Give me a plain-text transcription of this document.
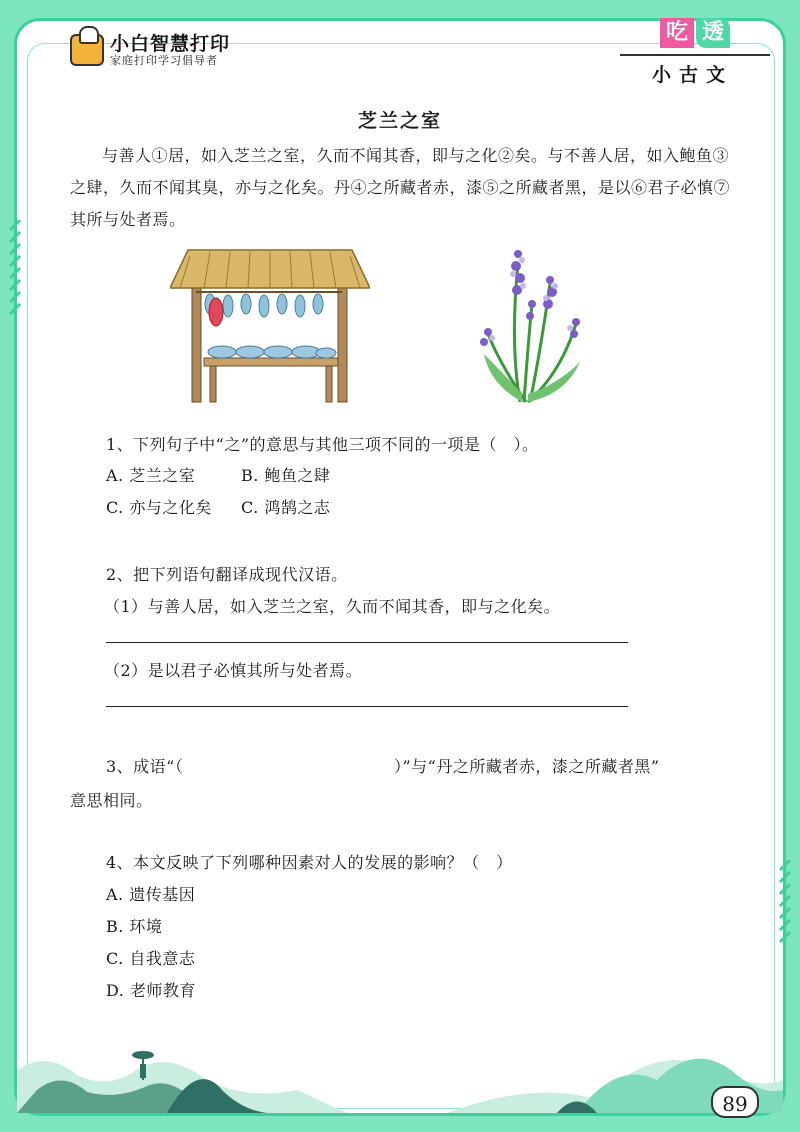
小白智慧打印
家庭打印学习倡导者
吃 透
小古文
芝兰之室
与善人①居，如入芝兰之室，久而不闻其香，即与之化②矣。与不善人居，如入鲍鱼③之肆，久而不闻其臭，亦与之化矣。丹④之所藏者赤，漆⑤之所藏者黑，是以⑥君子必慎⑦其所与处者焉。
1、下列句子中“之”的意思与其他三项不同的一项是（　）。
A. 芝兰之室	B. 鲍鱼之肆
C. 亦与之化矣 C. 鸿鹄之志
2、把下列语句翻译成现代汉语。
（1）与善人居，如入芝兰之室，久而不闻其香，即与之化矣。
（2）是以君子必慎其所与处者焉。
3、成语“（	）”与“丹之所藏者赤，漆之所藏者黑”
意思相同。
4、本文反映了下列哪种因素对人的发展的影响？（　）
A. 遗传基因
B. 环境
C. 自我意志
D. 老师教育
89
